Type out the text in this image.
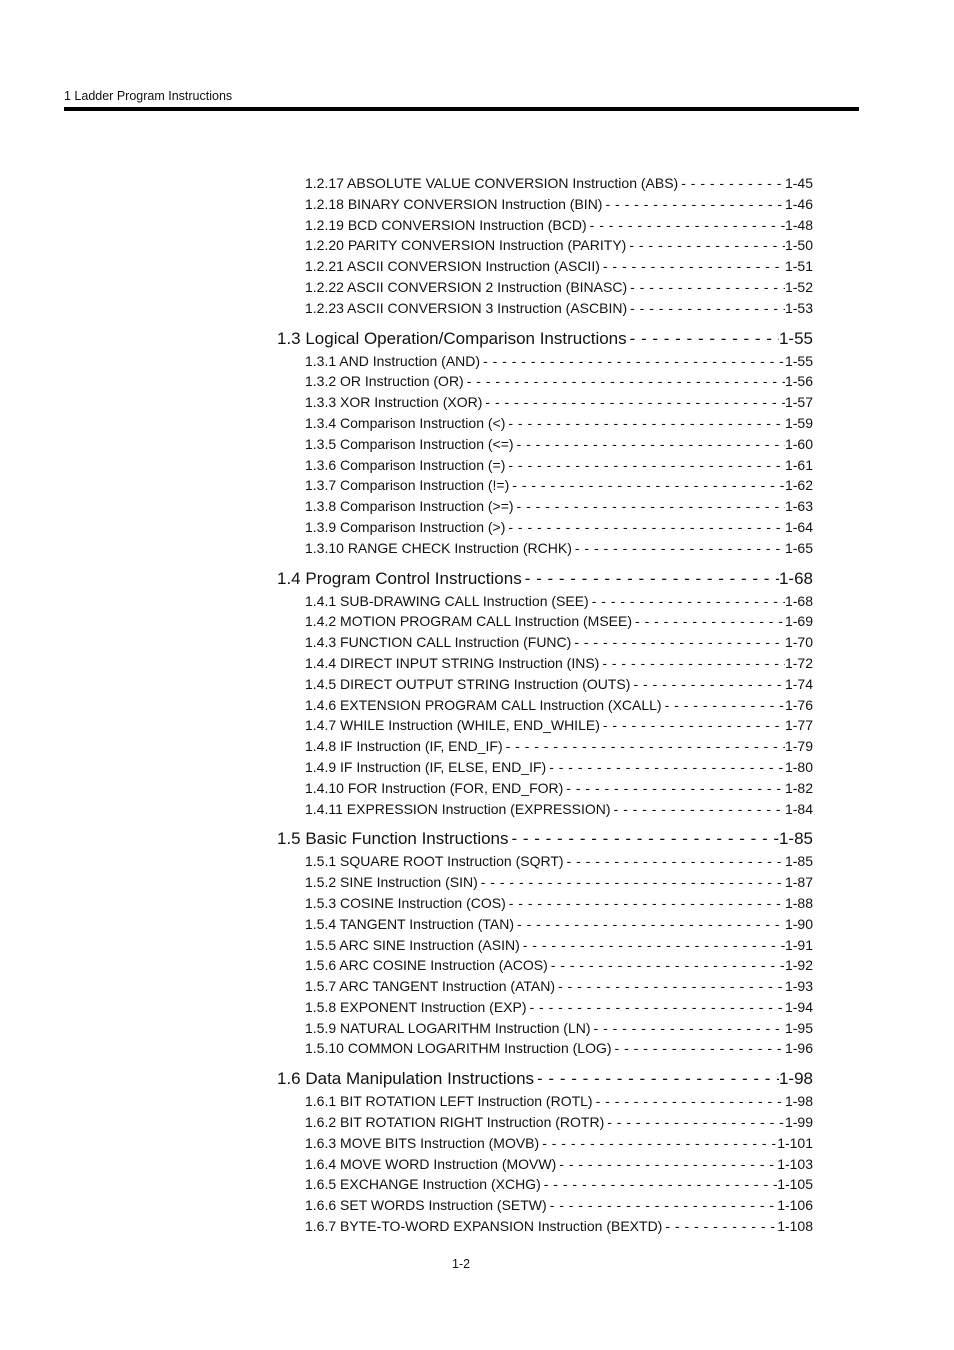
1 Ladder Program Instructions
1.2.17 ABSOLUTE VALUE CONVERSION Instruction (ABS) - - -	1-45
1.2.18 BINARY CONVERSION Instruction (BIN) - - -	1-46
1.2.19 BCD CONVERSION Instruction (BCD) - - -	1-48
1.2.20 PARITY CONVERSION Instruction (PARITY) - - -	1-50
1.2.21 ASCII CONVERSION Instruction (ASCII) - - -	1-51
1.2.22 ASCII CONVERSION 2 Instruction (BINASC) - - -	1-52
1.2.23 ASCII CONVERSION 3 Instruction (ASCBIN) - - -	1-53
1.3 Logical Operation/Comparison Instructions - - -	1-55
1.3.1 AND Instruction (AND) - - -	1-55
1.3.2 OR Instruction (OR) - - -	1-56
1.3.3 XOR Instruction (XOR) - - -	1-57
1.3.4 Comparison Instruction (<) - - -	1-59
1.3.5 Comparison Instruction (<=) - - -	1-60
1.3.6 Comparison Instruction (=) - - -	1-61
1.3.7 Comparison Instruction (!=) - - -	1-62
1.3.8 Comparison Instruction (>=) - - -	1-63
1.3.9 Comparison Instruction (>) - - -	1-64
1.3.10 RANGE CHECK Instruction (RCHK) - - -	1-65
1.4 Program Control Instructions - - -	1-68
1.4.1 SUB-DRAWING CALL Instruction (SEE) - - -	1-68
1.4.2 MOTION PROGRAM CALL Instruction (MSEE) - - -	1-69
1.4.3 FUNCTION CALL Instruction (FUNC) - - -	1-70
1.4.4 DIRECT INPUT STRING Instruction (INS) - - -	1-72
1.4.5 DIRECT OUTPUT STRING Instruction (OUTS) - - -	1-74
1.4.6 EXTENSION PROGRAM CALL Instruction (XCALL) - - -	1-76
1.4.7 WHILE Instruction (WHILE, END_WHILE) - - -	1-77
1.4.8 IF Instruction (IF, END_IF) - - -	1-79
1.4.9 IF Instruction (IF, ELSE, END_IF) - - -	1-80
1.4.10 FOR Instruction (FOR, END_FOR) - - -	1-82
1.4.11 EXPRESSION Instruction (EXPRESSION) - - -	1-84
1.5 Basic Function Instructions - - -	1-85
1.5.1 SQUARE ROOT Instruction (SQRT) - - -	1-85
1.5.2 SINE Instruction (SIN) - - -	1-87
1.5.3 COSINE Instruction (COS) - - -	1-88
1.5.4 TANGENT Instruction (TAN) - - -	1-90
1.5.5 ARC SINE Instruction (ASIN) - - -	1-91
1.5.6 ARC COSINE Instruction (ACOS) - - -	1-92
1.5.7 ARC TANGENT Instruction (ATAN) - - -	1-93
1.5.8 EXPONENT Instruction (EXP) - - -	1-94
1.5.9 NATURAL LOGARITHM Instruction (LN) - - -	1-95
1.5.10 COMMON LOGARITHM Instruction (LOG) - - -	1-96
1.6 Data Manipulation Instructions - - -	1-98
1.6.1 BIT ROTATION LEFT Instruction (ROTL) - - -	1-98
1.6.2 BIT ROTATION RIGHT Instruction (ROTR) - - -	1-99
1.6.3 MOVE BITS Instruction (MOVB) - - -	1-101
1.6.4 MOVE WORD Instruction (MOVW) - - -	1-103
1.6.5 EXCHANGE Instruction (XCHG) - - -	1-105
1.6.6 SET WORDS Instruction (SETW) - - -	1-106
1.6.7 BYTE-TO-WORD EXPANSION Instruction (BEXTD) - - -	1-108
1-2
